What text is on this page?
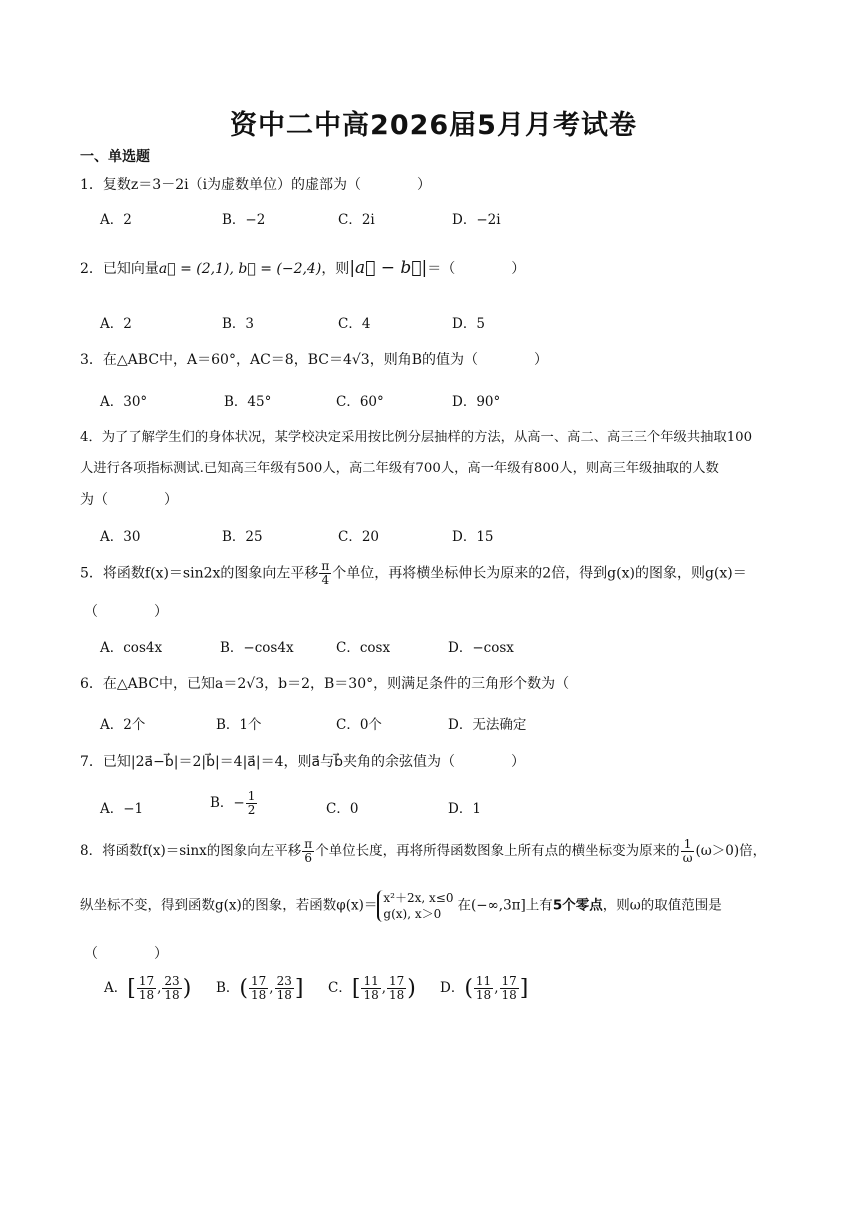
资中二中高2026届5月月考试卷
一、单选题
1．复数z＝3－2i（i为虚数单位）的虚部为（　　　　）
A．2	B．−2	C．2i	D．−2i
2．已知向量a⃗ = (2,1), b⃗ = (−2,4)，则|a⃗ − b⃗|＝（　　　　）
A．2	B．3	C．4	D．5
3．在△ABC中，A＝60°，AC＝8，BC＝4√3，则角B的值为（　　　　）
A．30°	B．45°	C．60°	D．90°
4．为了了解学生们的身体状况，某学校决定采用按比例分层抽样的方法，从高一、高二、高三三个年级共抽取100
人进行各项指标测试.已知高三年级有500人，高二年级有700人，高一年级有800人，则高三年级抽取的人数
为（　　　　）
A．30	B．25	C．20	D．15
5．将函数f(x)＝sin2x的图象向左平移 $\frac{\pi}{4}$ 个单位，再将横坐标伸长为原来的2倍，得到g(x)的图象，则g(x)＝
（　　　　）
A．cos4x	B．−cos4x	C．cosx	D．−cosx
6．在△ABC中，已知a＝2√3，b＝2，B＝30°，则满足条件的三角形个数为（
A．2个	B．1个	C．0个	D．无法确定
7．已知|2a⃗−b⃗|＝2|b⃗|＝4|a⃗|＝4，则a⃗与b⃗夹角的余弦值为（　　　　）
A．−1	B．− $\frac{1}{2}$	C．0	D．1
8．将函数f(x)＝sinx的图象向左平移 $\frac{\pi}{6}$ 个单位长度，再将所得函数图象上所有点的横坐标变为原来的 $\frac{1}{\omega} (\omega>0)$倍，
纵坐标不变，得到函数g(x)的图象，若函数φ(x)＝ x²＋2x, x≤0
g(x), x＞0
在(−∞,3π]上有5个零点，则ω的取值范围是
（　　　　）
A．[ $\frac{17}{18}$ , $\frac{23}{18}$ ) B．( $\frac{17}{18}$ , $\frac{23}{18}$ ] C．[ $\frac{11}{18}$ , $\frac{17}{18}$ ) D．( $\frac{11}{18}$ , $\frac{17}{18}$ ]
